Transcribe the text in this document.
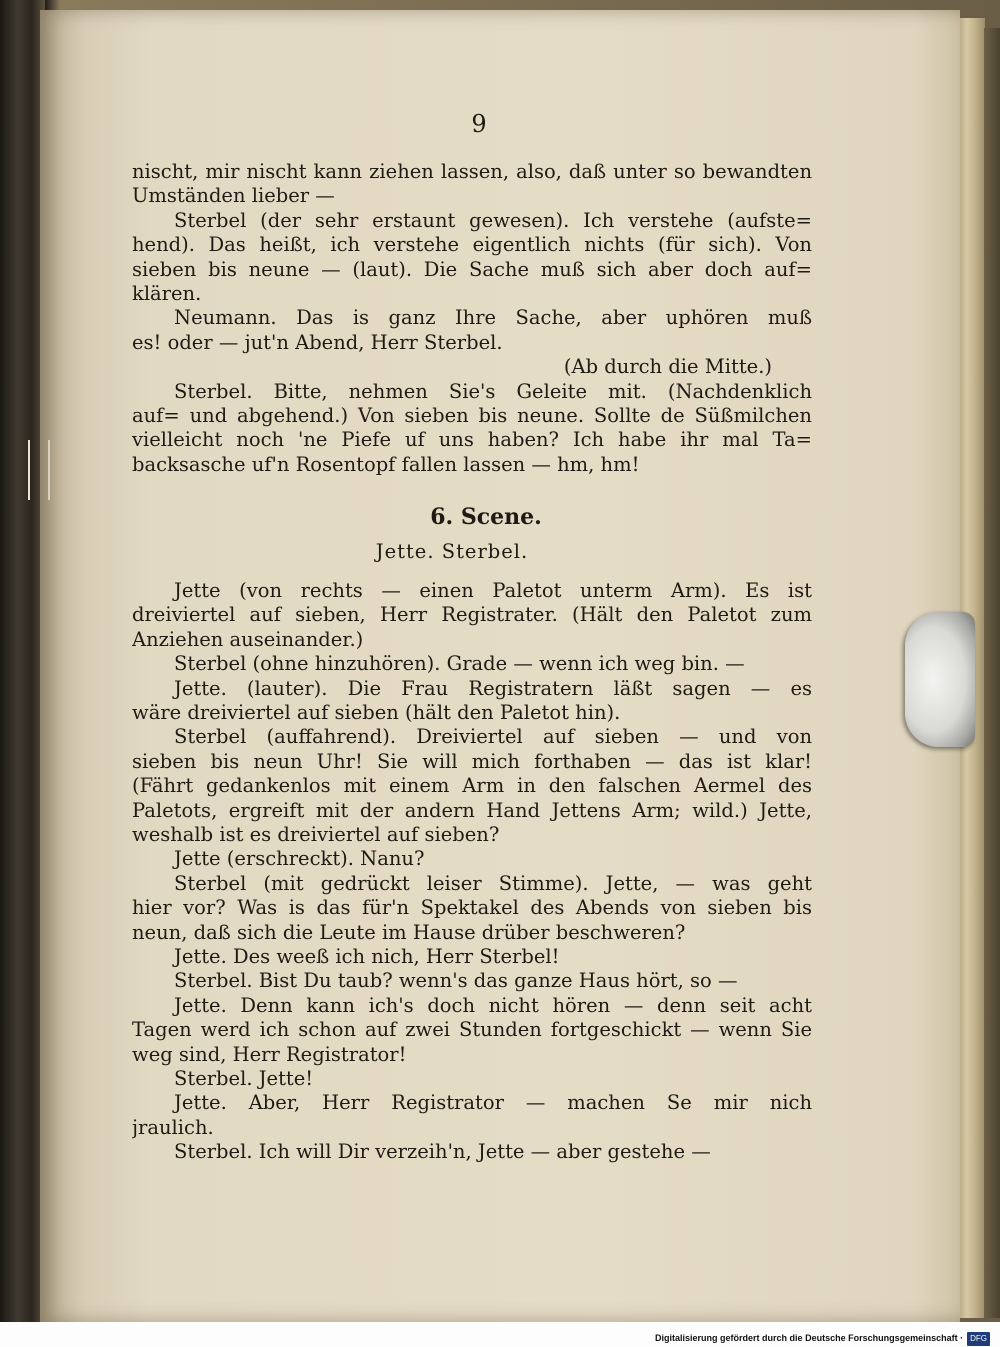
9
nischt, mir nischt kann ziehen lassen, also, daß unter so bewandten
Umständen lieber —
Sterbel (der sehr erstaunt gewesen). Ich verstehe (aufste=
hend). Das heißt, ich verstehe eigentlich nichts (für sich). Von
sieben bis neune — (laut). Die Sache muß sich aber doch auf=
klären.
Neumann. Das is ganz Ihre Sache, aber uphören muß
es! oder — jut'n Abend, Herr Sterbel.
(Ab durch die Mitte.)
Sterbel. Bitte, nehmen Sie's Geleite mit. (Nachdenklich
auf= und abgehend.) Von sieben bis neune. Sollte de Süßmilchen
vielleicht noch 'ne Piefe uf uns haben? Ich habe ihr mal Ta=
backsasche uf'n Rosentopf fallen lassen — hm, hm!
6. Scene.
Jette. Sterbel.
Jette (von rechts — einen Paletot unterm Arm). Es ist
dreiviertel auf sieben, Herr Registrater. (Hält den Paletot zum
Anziehen auseinander.)
Sterbel (ohne hinzuhören). Grade — wenn ich weg bin. —
Jette. (lauter). Die Frau Registratern läßt sagen — es
wäre dreiviertel auf sieben (hält den Paletot hin).
Sterbel (auffahrend). Dreiviertel auf sieben — und von
sieben bis neun Uhr! Sie will mich forthaben — das ist klar!
(Fährt gedankenlos mit einem Arm in den falschen Aermel des
Paletots, ergreift mit der andern Hand Jettens Arm; wild.) Jette,
weshalb ist es dreiviertel auf sieben?
Jette (erschreckt). Nanu?
Sterbel (mit gedrückt leiser Stimme). Jette, — was geht
hier vor? Was is das für'n Spektakel des Abends von sieben bis
neun, daß sich die Leute im Hause drüber beschweren?
Jette. Des weeß ich nich, Herr Sterbel!
Sterbel. Bist Du taub? wenn's das ganze Haus hört, so —
Jette. Denn kann ich's doch nicht hören — denn seit acht
Tagen werd ich schon auf zwei Stunden fortgeschickt — wenn Sie
weg sind, Herr Registrator!
Sterbel. Jette!
Jette. Aber, Herr Registrator — machen Se mir nich
jraulich.
Sterbel. Ich will Dir verzeih'n, Jette — aber gestehe —
Digitalisierung gefördert durch die Deutsche Forschungsgemeinschaft · DFG
